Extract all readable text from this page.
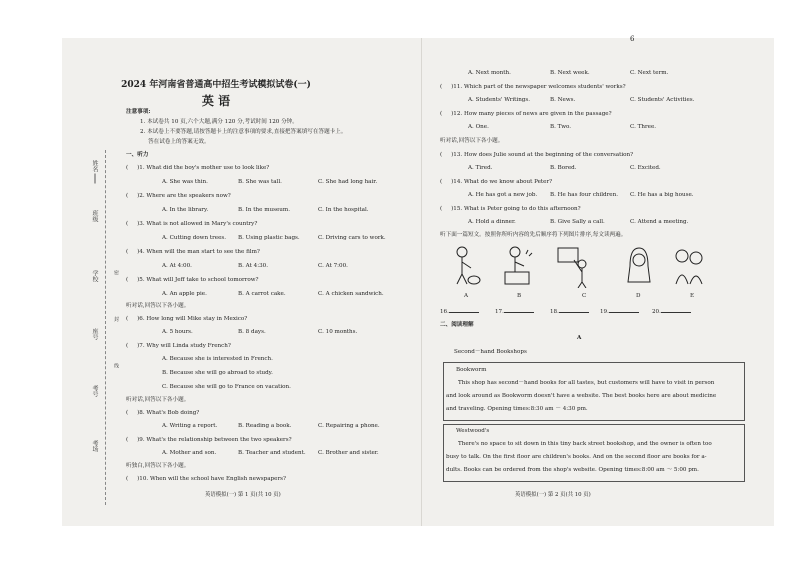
6
姓名
班级
学校
座号
考号
考场
密 封 线
2024 年河南省普通高中招生考试模拟试卷(一)
英 语
注意事项:
1. 本试卷共 10 页,六个大题,满分 120 分,考试时间 120 分钟。
2. 本试卷上不要答题,请按答题卡上的注意事项的要求,直接把答案填写在答题卡上。
答在试卷上的答案无效。
一、听力
(     )1. What did the boy's mother use to look like?
A. She was thin.	B. She was tall.	C. She had long hair.
(     )2. Where are the speakers now?
A. In the library.	B. In the museum.	C. In the hospital.
(     )3. What is not allowed in Mary's country?
A. Cutting down trees. B. Using plastic bags.	C. Driving cars to work.
(     )4. When will the man start to see the film?
A. At 4:00.	B. At 4:30.	C. At 7:00.
(     )5. What will Jeff take to school tomorrow?
A. An apple pie.	B. A carrot cake.	C. A chicken sandwich.
听对话,回答以下各小题。
(     )6. How long will Mike stay in Mexico?
A. 5 hours.	B. 8 days.	C. 10 months.
(     )7. Why will Linda study French?
A. Because she is interested in French.
B. Because she will go abroad to study.
C. Because she will go to France on vacation.
听对话,回答以下各小题。
(     )8. What's Bob doing?
A. Writing a report.	B. Reading a book.	C. Repairing a phone.
(     )9. What's the relationship between the two speakers?
A. Mother and son.	B. Teacher and student. C. Brother and sister.
听独白,回答以下各小题。
(     )10. When will the school have English newspapers?
英语模拟(一) 第 1 页(共 10 页)
A. Next month.	B. Next week.	C. Next term.
(     )11. Which part of the newspaper welcomes students' works?
A. Students' Writings.	B. News.	C. Students' Activities.
(     )12. How many pieces of news are given in the passage?
A. One.	B. Two.	C. Three.
听对话,回答以下各小题。
(     )13. How does Julie sound at the beginning of the conversation?
A. Tired.	B. Bored.	C. Excited.
(     )14. What do we know about Peter?
A. He has got a new job. B. He has four children. C. He has a big house.
(     )15. What is Peter going to do this afternoon?
A. Hold a dinner.	B. Give Sally a call.	C. Attend a meeting.
听下面一篇短文。按照你所听内容的先后顺序将下列图片排序,每文读两遍。
A	B	C	D	E
16.	17.	18.	19.	20.
二、阅读理解
A
Second－hand Bookshops
Bookworm
This shop has second－hand books for all tastes, but customers will have to visit in person
and look around as Bookworm doesn't have a website. The best books here are about medicine
and traveling. Opening times:8:30 am － 4:30 pm.
Westwood's
There's no space to sit down in this tiny back street bookshop, and the owner is often too
busy to talk. On the first floor are children's books. And on the second floor are books for a-
dults. Books can be ordered from the shop's website. Opening times:8:00 am ～ 5:00 pm.
英语模拟(一) 第 2 页(共 10 页)
